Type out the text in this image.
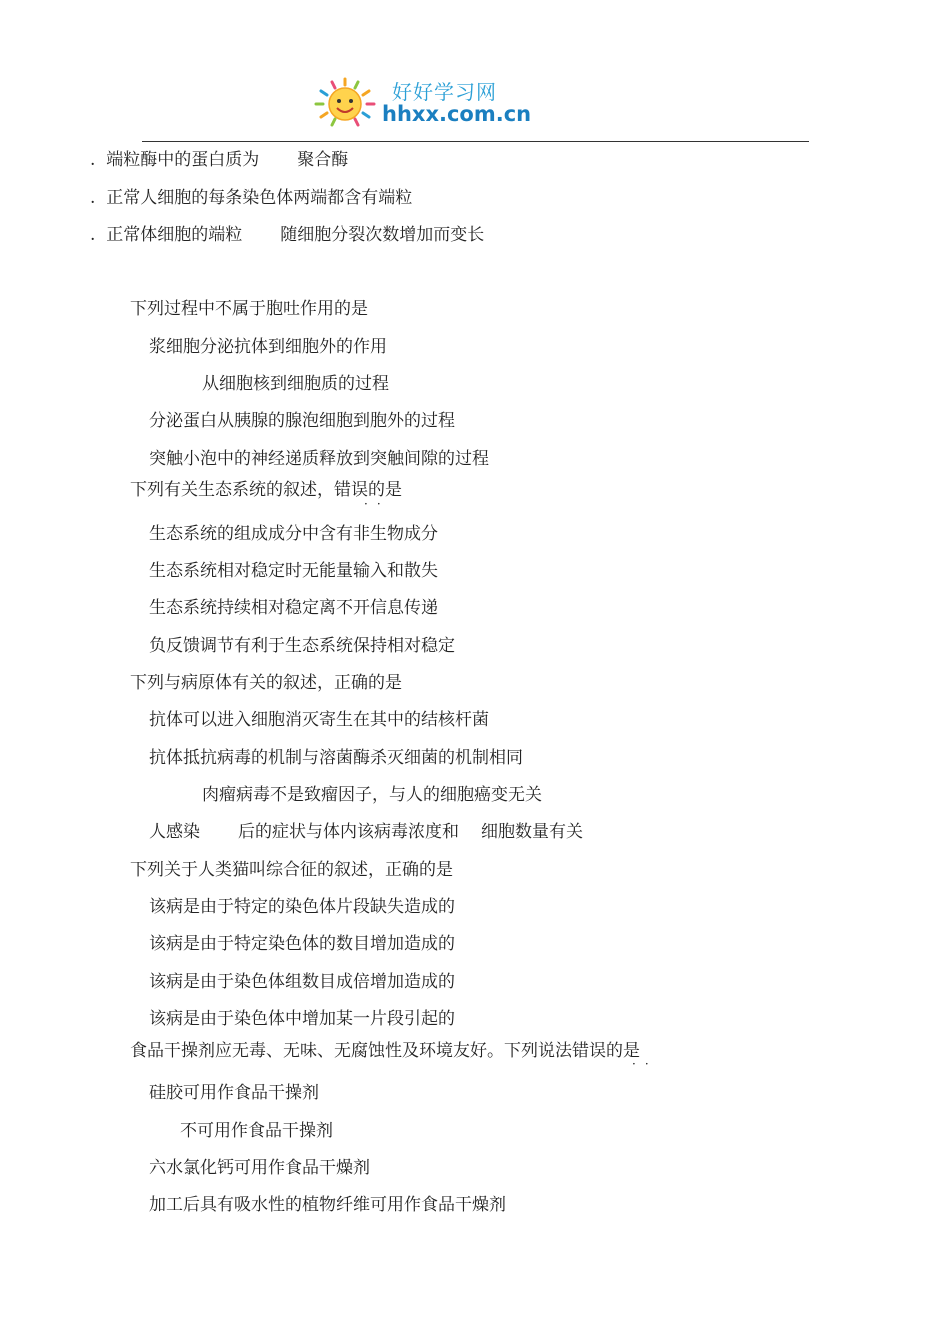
好好学习网
hhxx.com.cn
.  端粒酶中的蛋白质为 聚合酶
.  正常人细胞的每条染色体两端都含有端粒
.  正常体细胞的端粒 随细胞分裂次数增加而变长
下列过程中不属于胞吐作用的是
浆细胞分泌抗体到细胞外的作用
从细胞核到细胞质的过程
分泌蛋白从胰腺的腺泡细胞到胞外的过程
突触小泡中的神经递质释放到突触间隙的过程
下列有关生态系统的叙述，错误的是
··
生态系统的组成成分中含有非生物成分
生态系统相对稳定时无能量输入和散失
生态系统持续相对稳定离不开信息传递
负反馈调节有利于生态系统保持相对稳定
下列与病原体有关的叙述，正确的是
抗体可以进入细胞消灭寄生在其中的结核杆菌
抗体抵抗病毒的机制与溶菌酶杀灭细菌的机制相同
肉瘤病毒不是致瘤因子，与人的细胞癌变无关
人感染 后的症状与体内该病毒浓度和 细胞数量有关
下列关于人类猫叫综合征的叙述，正确的是
该病是由于特定的染色体片段缺失造成的
该病是由于特定染色体的数目增加造成的
该病是由于染色体组数目成倍增加造成的
该病是由于染色体中增加某一片段引起的
食品干操剂应无毒、无味、无腐蚀性及环境友好。下列说法错误的是
··
硅胶可用作食品干操剂
不可用作食品干操剂
六水氯化钙可用作食品干燥剂
加工后具有吸水性的植物纤维可用作食品干燥剂
